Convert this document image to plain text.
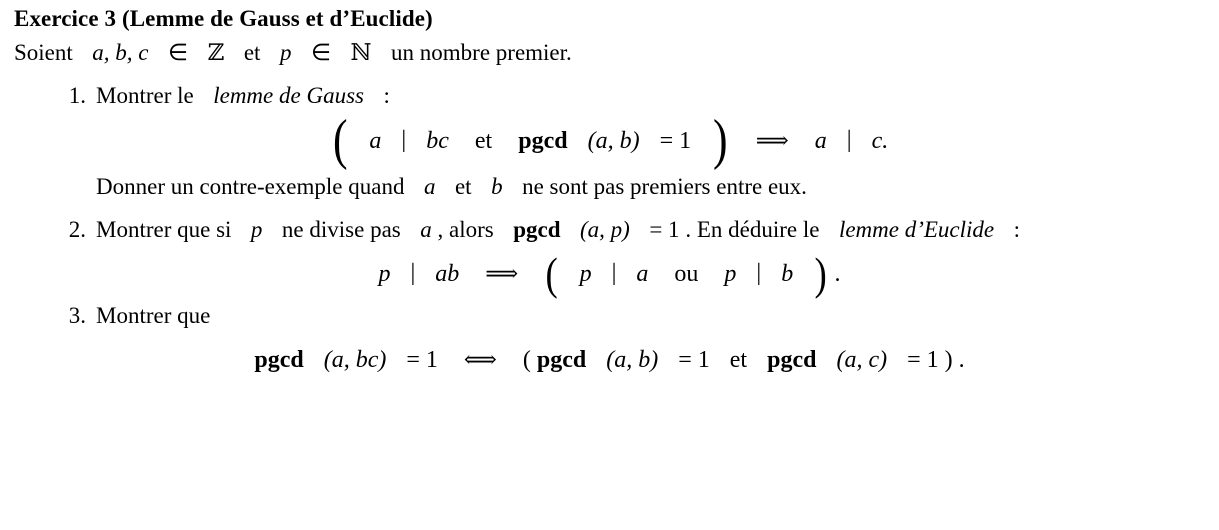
Exercice 3 (Lemme de Gauss et d’Euclide)
Soient a, b, c ∈ ℤ et p ∈ ℕ un nombre premier.
1. Montrer le lemme de Gauss :
( a | bc et pgcd (a, b) = 1 ) ⟹ a | c.
Donner un contre-exemple quand a et b ne sont pas premiers entre eux.
2. Montrer que si p ne divise pas a , alors pgcd (a, p) = 1 . En déduire le lemme d’Euclide :
p | ab ⟹ ( p | a ou p | b ) .
3. Montrer que
pgcd (a, bc) = 1 ⟺ ( pgcd (a, b) = 1 et pgcd (a, c) = 1 ) .
